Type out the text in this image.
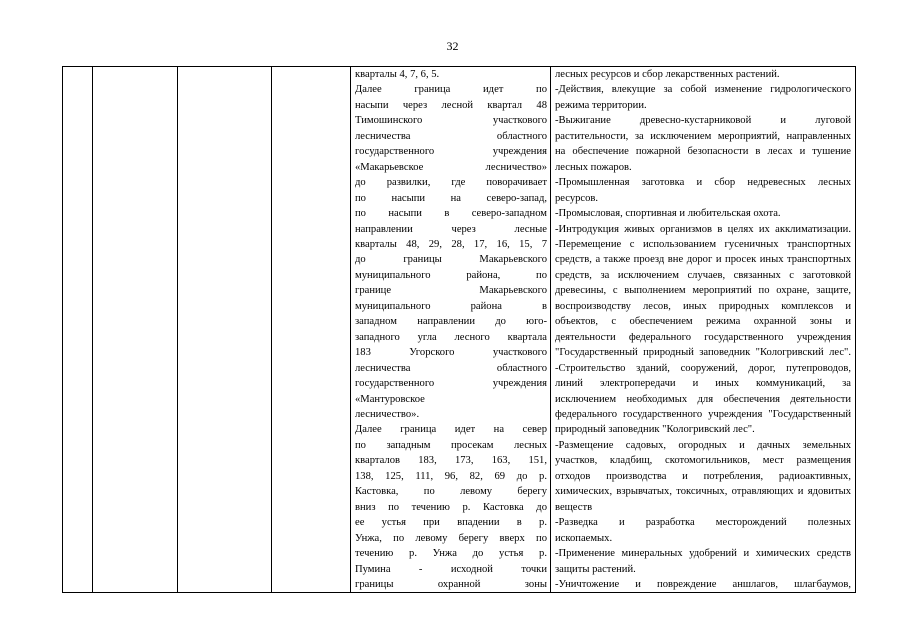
32

кварталы 4, 7, 6, 5.
Далее граница идет по
насыпи через лесной квартал 48
Тимошинского участкового
лесничества областного
государственного учреждения
«Макарьевское лесничество»
до развилки, где поворачивает
по насыпи на северо-запад,
по насыпи в северо-западном
направлении через лесные
кварталы 48, 29, 28, 17, 16, 15, 7
до границы Макарьевского
муниципального района, по
границе Макарьевского
муниципального района в
западном направлении до юго-
западного угла лесного квартала
183 Угорского участкового
лесничества областного
государственного учреждения
«Мантуровское
лесничество».
Далее граница идет на север
по западным просекам лесных
кварталов 183, 173, 163, 151,
138, 125, 111, 96, 82, 69 до р.
Кастовка, по левому берегу
вниз по течению р. Кастовка до
ее устья при впадении в р.
Унжа, по левому берегу вверх по
течению р. Унжа до устья р.
Пумина - исходной точки
границы охранной зоны

лесных ресурсов и сбор лекарственных растений.
-Действия, влекущие за собой изменение гидрологического
режима территории.
-Выжигание древесно-кустарниковой и луговой
растительности, за исключением мероприятий, направленных
на обеспечение пожарной безопасности в лесах и тушение
лесных пожаров.
-Промышленная заготовка и сбор недревесных лесных
ресурсов.
-Промысловая, спортивная и любительская охота.
-Интродукция живых организмов в целях их акклиматизации.
-Перемещение с использованием гусеничных транспортных
средств, а также проезд вне дорог и просек иных транспортных
средств, за исключением случаев, связанных с заготовкой
древесины, с выполнением мероприятий по охране, защите,
воспроизводству лесов, иных природных комплексов и
объектов, с обеспечением режима охранной зоны и
деятельности федерального государственного учреждения
"Государственный природный заповедник "Кологривский лес".
-Строительство зданий, сооружений, дорог, путепроводов,
линий электропередачи и иных коммуникаций, за
исключением необходимых для обеспечения деятельности
федерального государственного учреждения "Государственный
природный заповедник "Кологривский лес".
-Размещение садовых, огородных и дачных земельных
участков, кладбищ, скотомогильников, мест размещения
отходов производства и потребления, радиоактивных,
химических, взрывчатых, токсичных, отравляющих и ядовитых
веществ
-Разведка и разработка месторождений полезных
ископаемых.
-Применение минеральных удобрений и химических средств
защиты растений.
-Уничтожение и повреждение аншлагов, шлагбаумов,
